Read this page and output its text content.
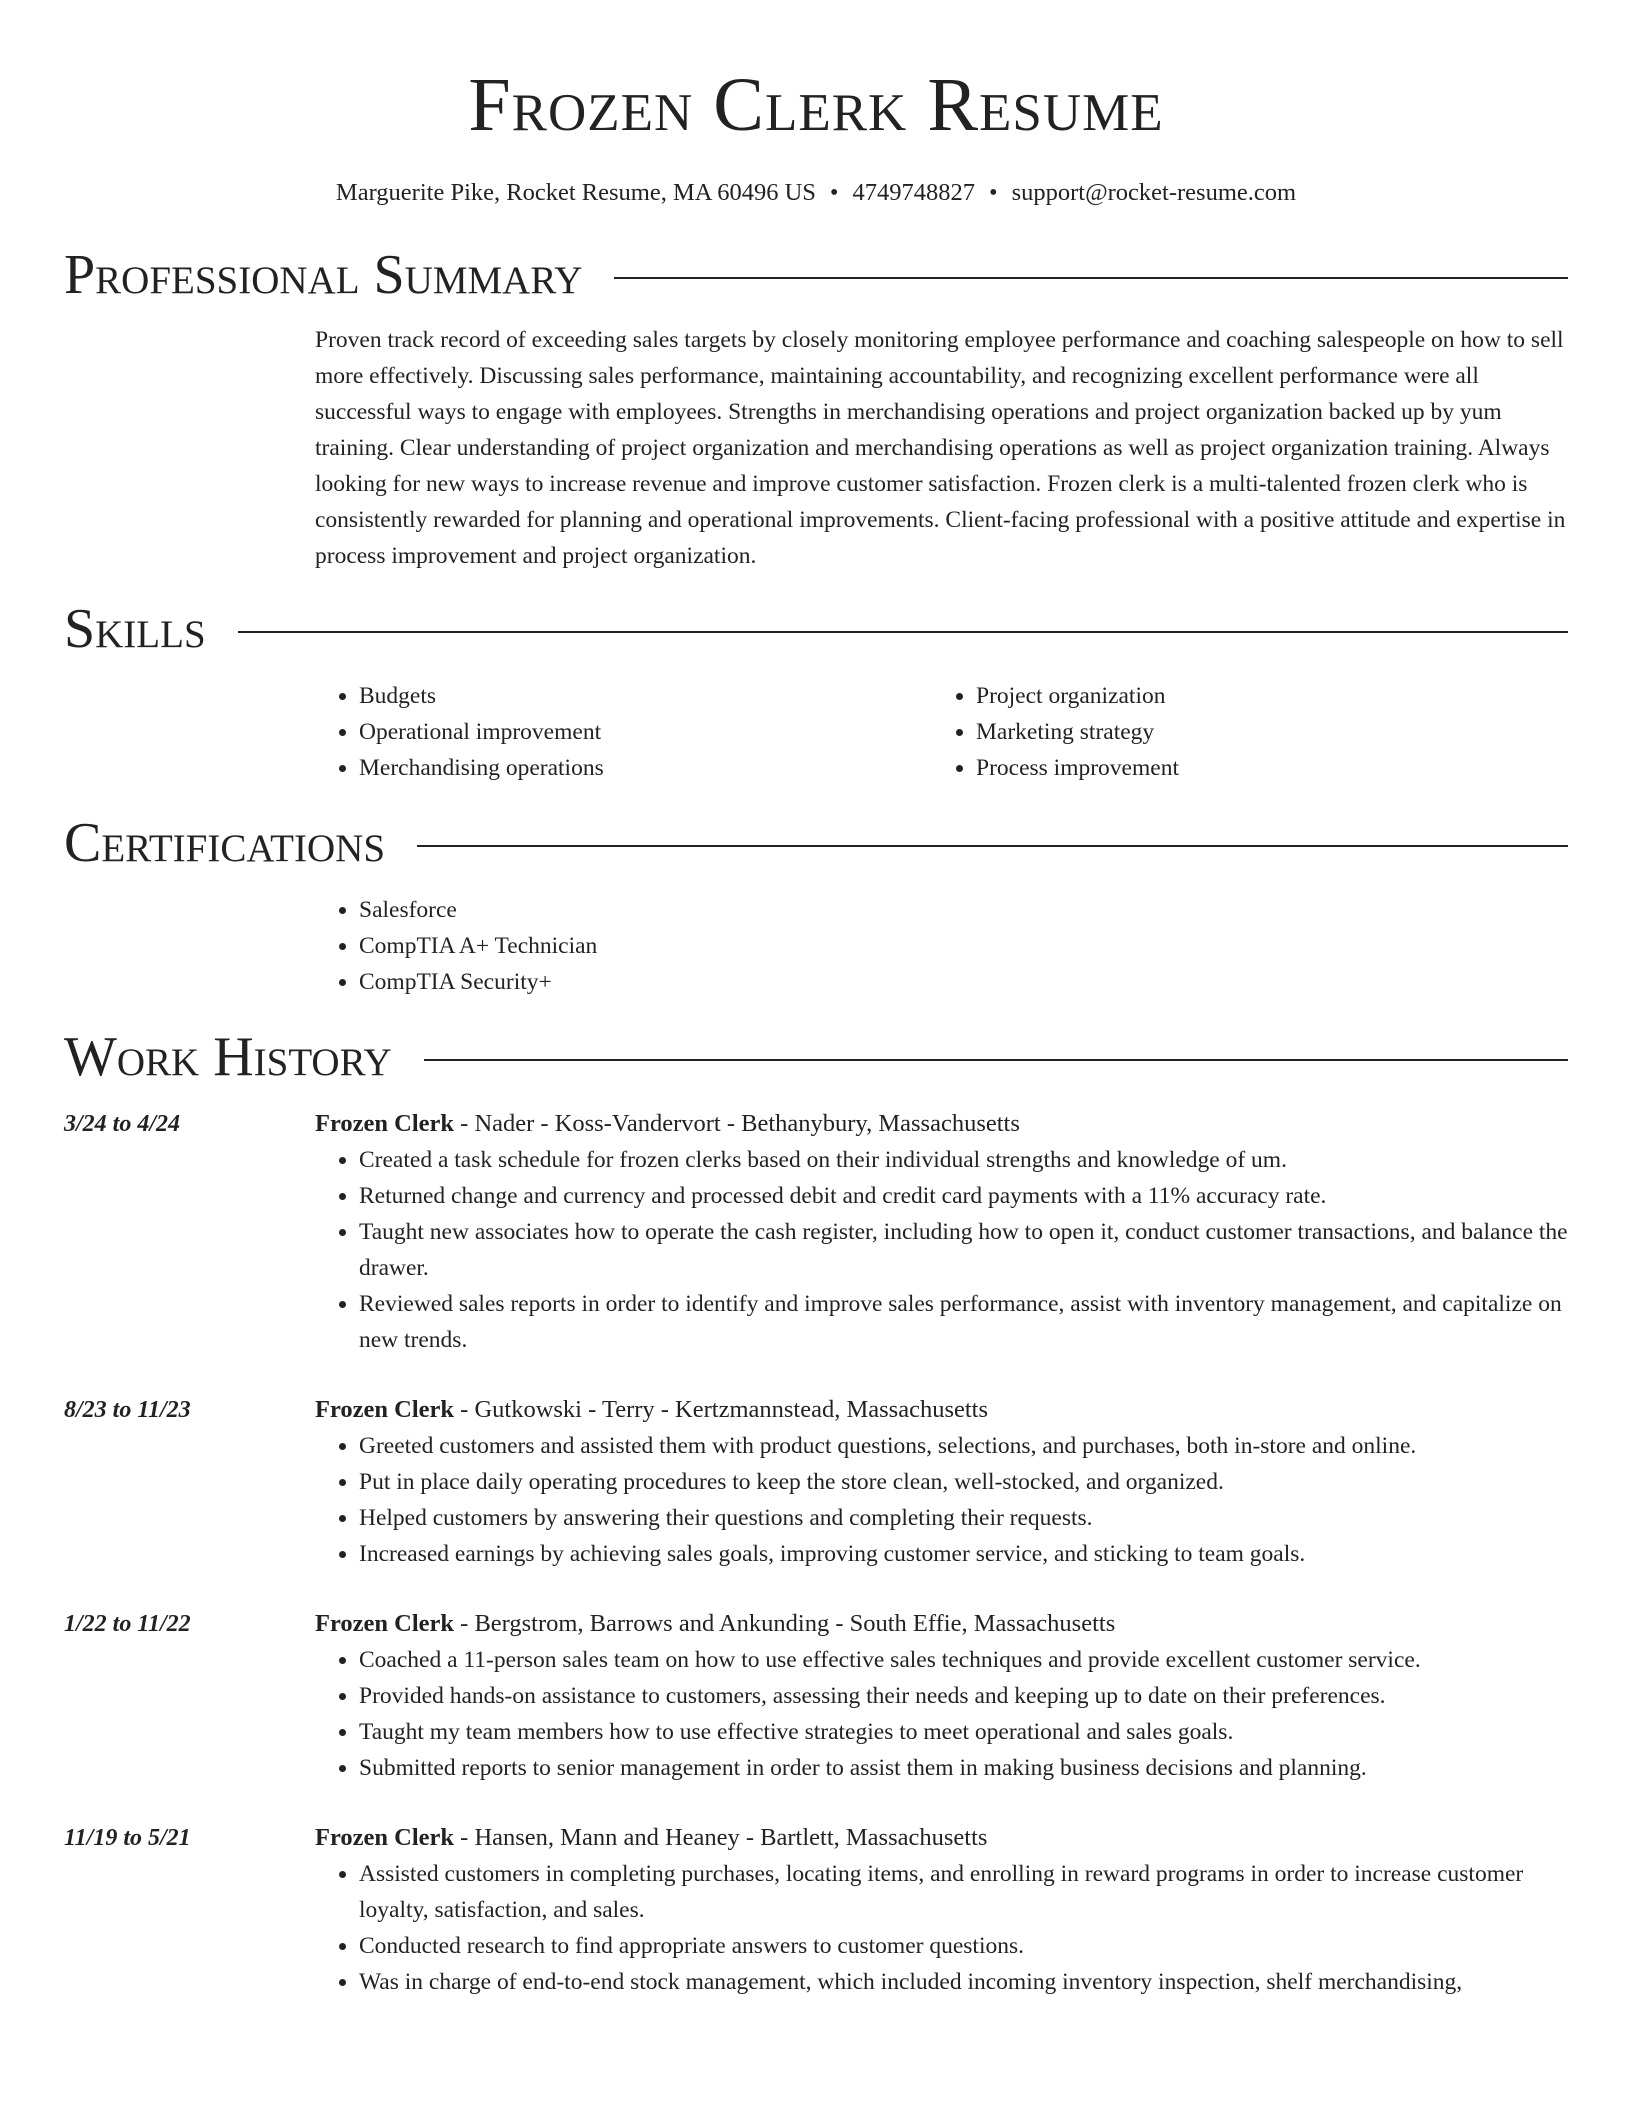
Frozen Clerk Resume
Marguerite Pike, Rocket Resume, MA 60496 US • 4749748827 • support@rocket-resume.com
Professional Summary

Proven track record of exceeding sales targets by closely monitoring employee performance and coaching salespeople on how to sell more effectively. Discussing sales performance, maintaining accountability, and recognizing excellent performance were all successful ways to engage with employees. Strengths in merchandising operations and project organization backed up by yum training. Clear understanding of project organization and merchandising operations as well as project organization training. Always looking for new ways to increase revenue and improve customer satisfaction. Frozen clerk is a multi-talented frozen clerk who is consistently rewarded for planning and operational improvements. Client-facing professional with a positive attitude and expertise in process improvement and project organization.

Skills
• Budgets
• Operational improvement
• Merchandising operations
• Project organization
• Marketing strategy
• Process improvement
Certifications
• Salesforce
• CompTIA A+ Technician
• CompTIA Security+
Work History
3/24 to 4/24	Frozen Clerk - Nader - Koss-Vandervort - Bethanybury, Massachusetts
• Created a task schedule for frozen clerks based on their individual strengths and knowledge of um.
• Returned change and currency and processed debit and credit card payments with a 11% accuracy rate.
• Taught new associates how to operate the cash register, including how to open it, conduct customer transactions, and balance the drawer.
• Reviewed sales reports in order to identify and improve sales performance, assist with inventory management, and capitalize on new trends.
8/23 to 11/23	Frozen Clerk - Gutkowski - Terry - Kertzmannstead, Massachusetts
• Greeted customers and assisted them with product questions, selections, and purchases, both in-store and online.
• Put in place daily operating procedures to keep the store clean, well-stocked, and organized.
• Helped customers by answering their questions and completing their requests.
• Increased earnings by achieving sales goals, improving customer service, and sticking to team goals.
1/22 to 11/22	Frozen Clerk - Bergstrom, Barrows and Ankunding - South Effie, Massachusetts
• Coached a 11-person sales team on how to use effective sales techniques and provide excellent customer service.
• Provided hands-on assistance to customers, assessing their needs and keeping up to date on their preferences.
• Taught my team members how to use effective strategies to meet operational and sales goals.
• Submitted reports to senior management in order to assist them in making business decisions and planning.
11/19 to 5/21	Frozen Clerk - Hansen, Mann and Heaney - Bartlett, Massachusetts
• Assisted customers in completing purchases, locating items, and enrolling in reward programs in order to increase customer loyalty, satisfaction, and sales.
• Conducted research to find appropriate answers to customer questions.
• Was in charge of end-to-end stock management, which included incoming inventory inspection, shelf merchandising,
